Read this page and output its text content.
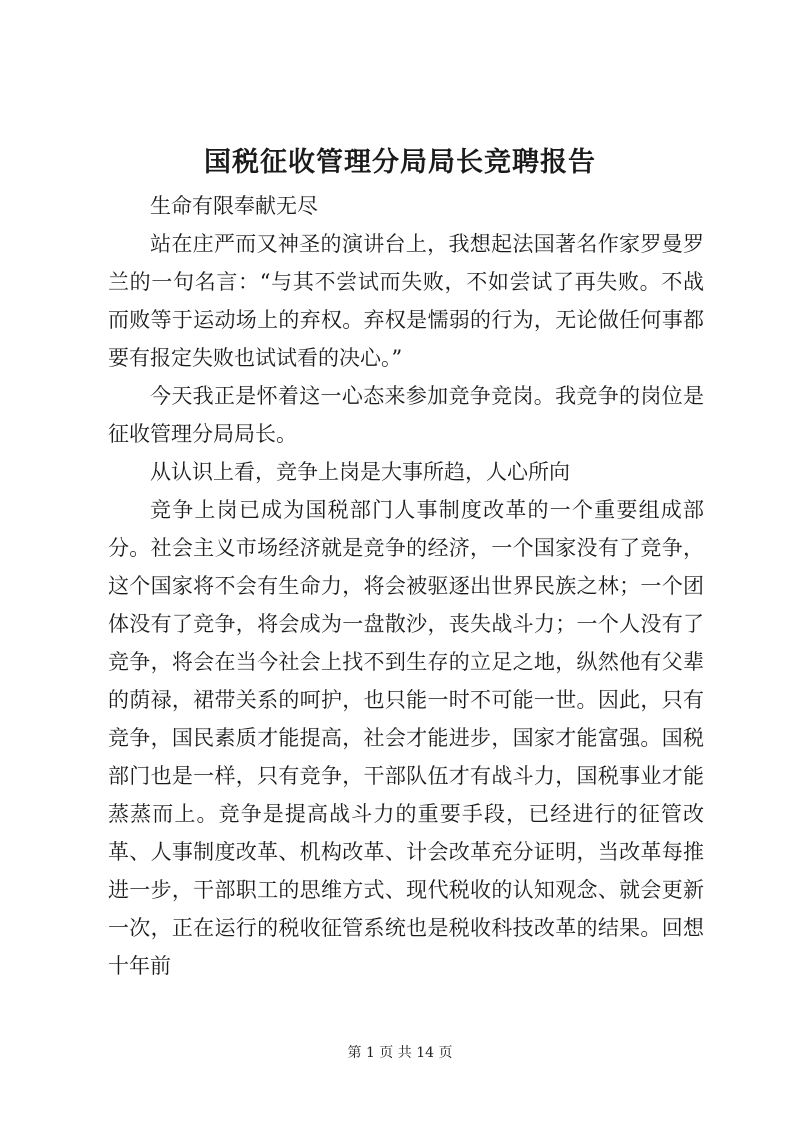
国税征收管理分局局长竞聘报告

生命有限奉献无尽

站在庄严而又神圣的演讲台上，我想起法国著名作家罗曼罗兰的一句名言：“与其不尝试而失败，不如尝试了再失败。不战而败等于运动场上的弃权。弃权是懦弱的行为，无论做任何事都要有报定失败也试试看的决心。”

今天我正是怀着这一心态来参加竞争竞岗。我竞争的岗位是征收管理分局局长。

从认识上看，竞争上岗是大事所趋，人心所向

竞争上岗已成为国税部门人事制度改革的一个重要组成部分。社会主义市场经济就是竞争的经济，一个国家没有了竞争，这个国家将不会有生命力，将会被驱逐出世界民族之林；一个团体没有了竞争，将会成为一盘散沙，丧失战斗力；一个人没有了竞争，将会在当今社会上找不到生存的立足之地，纵然他有父辈的荫禄，裙带关系的呵护，也只能一时不可能一世。因此，只有竞争，国民素质才能提高，社会才能进步，国家才能富强。国税部门也是一样，只有竞争，干部队伍才有战斗力，国税事业才能蒸蒸而上。竞争是提高战斗力的重要手段，已经进行的征管改革、人事制度改革、机构改革、计会改革充分证明，当改革每推进一步，干部职工的思维方式、现代税收的认知观念、就会更新一次，正在运行的税收征管系统也是税收科技改革的结果。回想十年前

第 1 页 共 14 页
